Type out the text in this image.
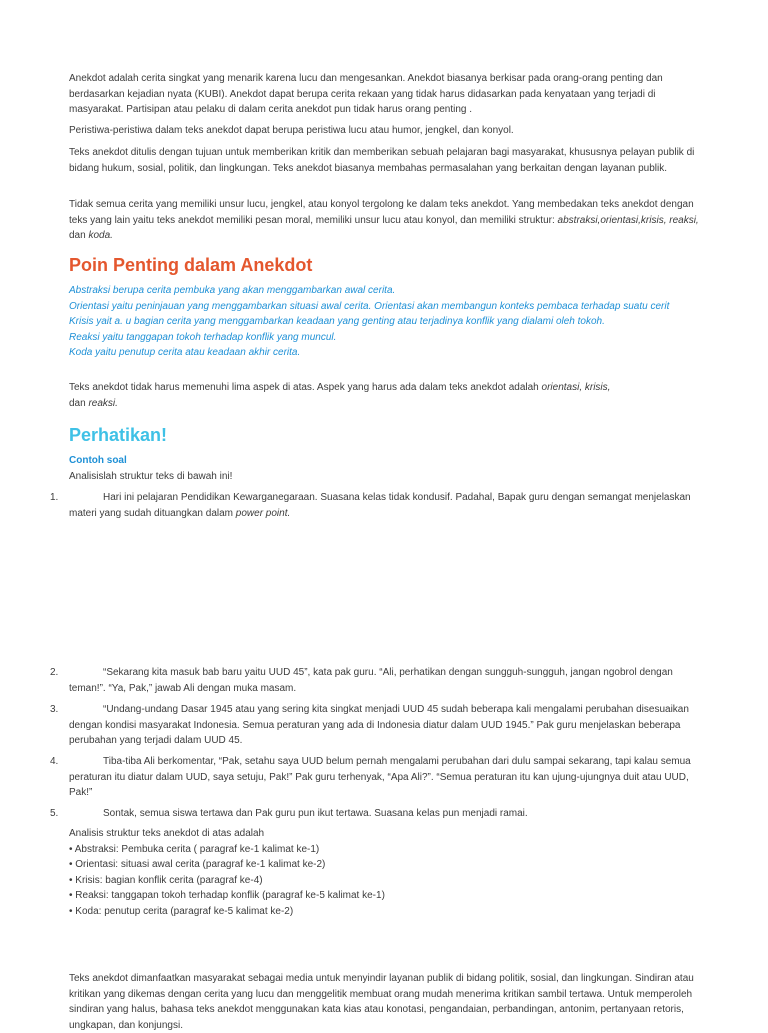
Anekdot adalah cerita singkat yang menarik karena lucu dan mengesankan. Anekdot biasanya berkisar pada orang-orang penting dan berdasarkan kejadian nyata (KUBI). Anekdot dapat berupa cerita rekaan yang tidak harus didasarkan pada kenyataan yang terjadi di masyarakat. Partisipan atau pelaku di dalam cerita anekdot pun tidak harus orang penting .

Peristiwa-peristiwa dalam teks anekdot dapat berupa peristiwa lucu atau humor, jengkel, dan konyol.

Teks anekdot ditulis dengan tujuan untuk memberikan kritik dan memberikan sebuah pelajaran bagi masyarakat, khususnya pelayan publik di bidang hukum, sosial, politik, dan lingkungan. Teks anekdot biasanya membahas permasalahan yang berkaitan dengan layanan publik.

Tidak semua cerita yang memiliki unsur lucu, jengkel, atau konyol tergolong ke dalam teks anekdot. Yang membedakan teks anekdot dengan teks yang lain yaitu teks anekdot memiliki pesan moral, memiliki unsur lucu atau konyol, dan memiliki struktur: abstraksi,orientasi,krisis, reaksi, dan koda.

Poin Penting dalam Anekdot
Abstraksi berupa cerita pembuka yang akan menggambarkan awal cerita.
Orientasi yaitu peninjauan yang menggambarkan situasi awal cerita. Orientasi akan membangun konteks pembaca terhadap suatu cerit
Krisis yait a. u bagian cerita yang menggambarkan keadaan yang genting atau terjadinya konflik yang dialami oleh tokoh.
Reaksi yaitu tanggapan tokoh terhadap konflik yang muncul.
Koda yaitu penutup cerita atau keadaan akhir cerita.

Teks anekdot tidak harus memenuhi lima aspek di atas. Aspek yang harus ada dalam teks anekdot adalah orientasi, krisis,
dan reaksi.

Perhatikan!
Contoh soal
Analisislah struktur teks di bawah ini!
1.	Hari ini pelajaran Pendidikan Kewarganegaraan. Suasana kelas tidak kondusif. Padahal, Bapak guru dengan semangat menjelaskan materi yang sudah dituangkan dalam power point.
2.	“Sekarang kita masuk bab baru yaitu UUD 45”, kata pak guru. “Ali, perhatikan dengan sungguh-sungguh, jangan ngobrol dengan teman!”. “Ya, Pak,” jawab Ali dengan muka masam.
3.	“Undang-undang Dasar 1945 atau yang sering kita singkat menjadi UUD 45 sudah beberapa kali mengalami perubahan disesuaikan dengan kondisi masyarakat Indonesia. Semua peraturan yang ada di Indonesia diatur dalam UUD 1945.” Pak guru menjelaskan beberapa perubahan yang terjadi dalam UUD 45.
4.	Tiba-tiba Ali berkomentar, “Pak, setahu saya UUD belum pernah mengalami perubahan dari dulu sampai sekarang, tapi kalau semua peraturan itu diatur dalam UUD, saya setuju, Pak!” Pak guru terhenyak, “Apa Ali?”. “Semua peraturan itu kan ujung-ujungnya duit atau UUD, Pak!”
5.	Sontak, semua siswa tertawa dan Pak guru pun ikut tertawa. Suasana kelas pun menjadi ramai.
Analisis struktur teks anekdot di atas adalah
• Abstraksi: Pembuka cerita ( paragraf ke-1 kalimat ke-1)
• Orientasi: situasi awal cerita (paragraf ke-1 kalimat ke-2)
• Krisis: bagian konflik cerita (paragraf ke-4)
• Reaksi: tanggapan tokoh terhadap konflik (paragraf ke-5 kalimat ke-1)
• Koda: penutup cerita (paragraf ke-5 kalimat ke-2)

Teks anekdot dimanfaatkan masyarakat sebagai media untuk menyindir layanan publik di bidang politik, sosial, dan lingkungan. Sindiran atau kritikan yang dikemas dengan cerita yang lucu dan menggelitik membuat orang mudah menerima kritikan sambil tertawa. Untuk memperoleh sindiran yang halus, bahasa teks anekdot menggunakan kata kias atau konotasi, pengandaian, perbandingan, antonim, pertanyaan retoris, ungkapan, dan konjungsi.
